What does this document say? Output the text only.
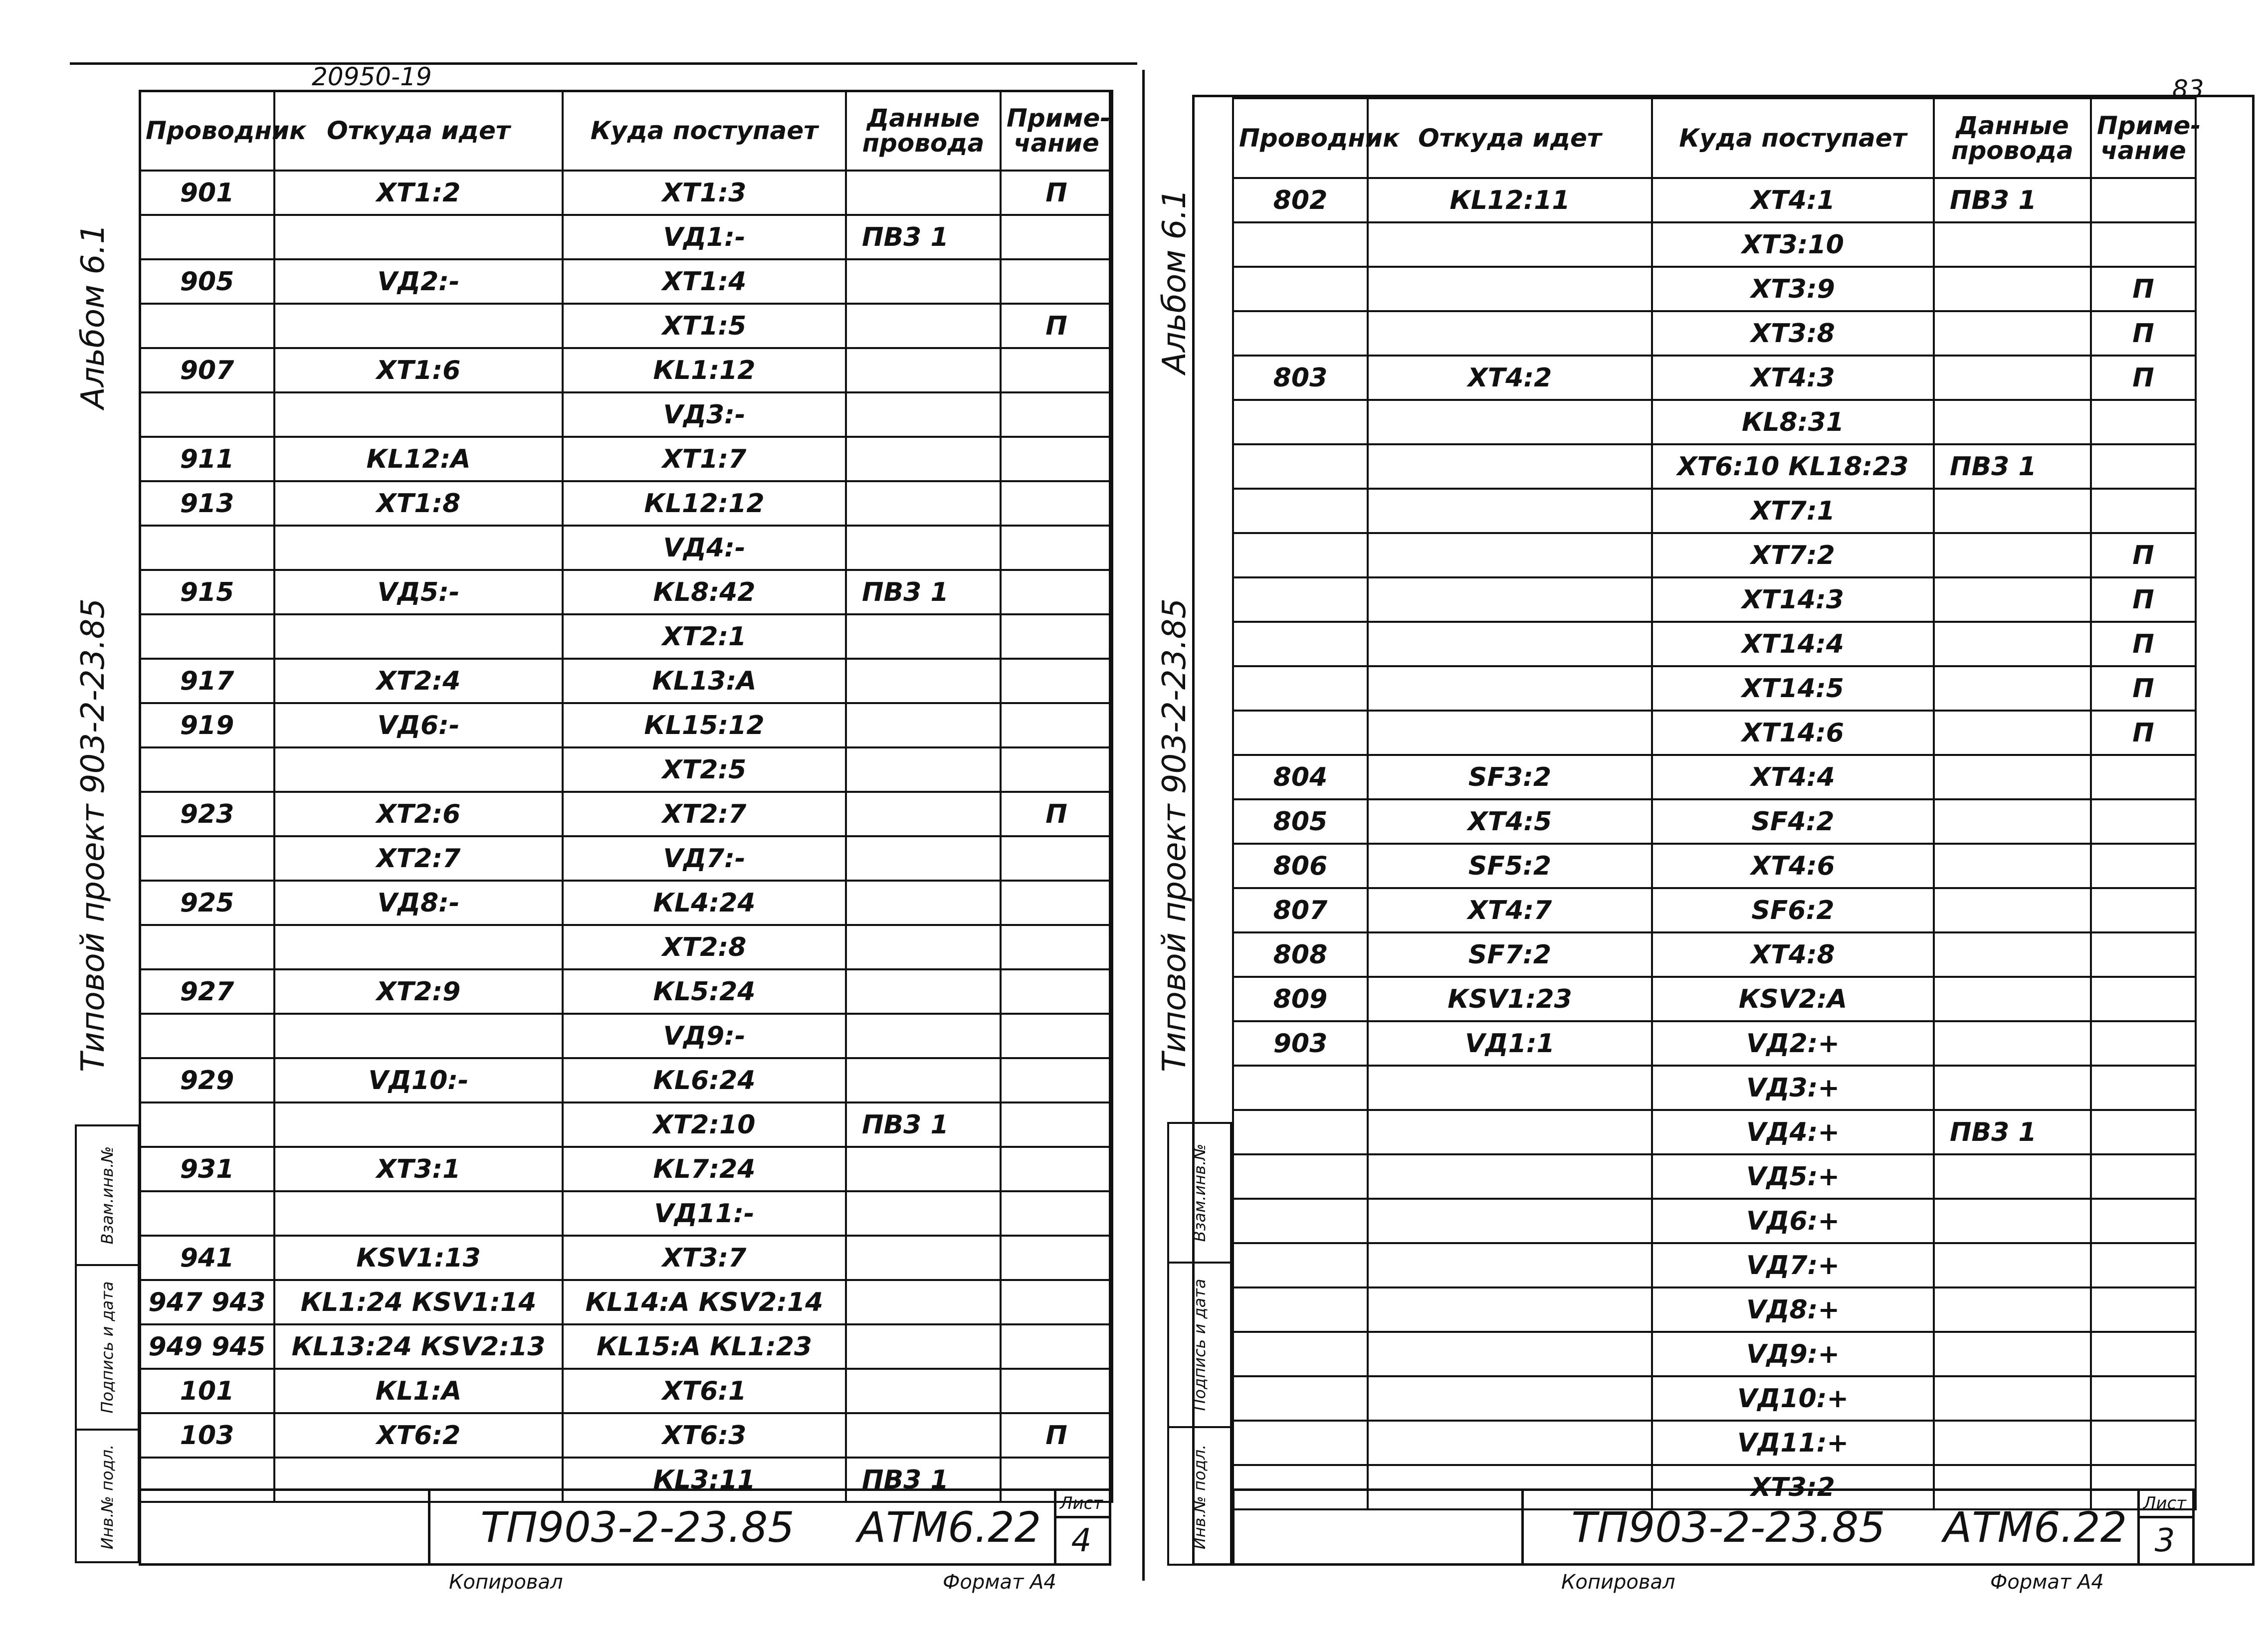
20950-19
Типовой проект 903-2-23.85
Альбом 6.1
Проводник	Откуда идет	Куда поступает	Данные провода	Приме-чание
901	ХТ1:2	ХТ1:3		П
		VД1:-	ПВ3 1	
905	VД2:-	ХТ1:4		
		ХТ1:5		П
907	ХТ1:6	КL1:12		
		VД3:-		
911	КL12:А	ХТ1:7		
913	ХТ1:8	КL12:12		
		VД4:-		
915	VД5:-	КL8:42	ПВ3 1	
		ХТ2:1		
917	ХТ2:4	КL13:А		
919	VД6:-	КL15:12		
		ХТ2:5		
923	ХТ2:6	ХТ2:7		П
	ХТ2:7	VД7:-		
925	VД8:-	КL4:24		
		ХТ2:8		
927	ХТ2:9	КL5:24		
		VД9:-		
929	VД10:-	КL6:24		
		ХТ2:10	ПВ3 1	
931	ХТ3:1	КL7:24		
		VД11:-		
941	КSV1:13	ХТ3:7		
947 943	КL1:24 КSV1:14	КL14:А КSV2:14		
949 945	КL13:24 КSV2:13	КL15:А КL1:23		
101	КL1:А	ХТ6:1		
103	ХТ6:2	ХТ6:3		П
		КL3:11	ПВ3 1	
Взам.инв.№
Подпись и дата
Инв.№ подл.	ТП903-2-23.85	АТМ6.22	Лист
4
Копировал	Формат А4
83
Типовой проект 903-2-23.85
Альбом 6.1
Проводник	Откуда идет	Куда поступает	Данные провода	Приме-чание
802	КL12:11	ХТ4:1	ПВ3 1	
		ХТ3:10		
		ХТ3:9		П
		ХТ3:8		П
803	ХТ4:2	ХТ4:3		П
		КL8:31		
		ХТ6:10 КL18:23	ПВ3 1	
		ХТ7:1		
		ХТ7:2		П
		ХТ14:3		П
		ХТ14:4		П
		ХТ14:5		П
		ХТ14:6		П
804	SF3:2	ХТ4:4		
805	ХТ4:5	SF4:2		
806	SF5:2	ХТ4:6		
807	ХТ4:7	SF6:2		
808	SF7:2	ХТ4:8		
809	КSV1:23	КSV2:А		
903	VД1:1	VД2:+		
		VД3:+		
		VД4:+	ПВ3 1	
		VД5:+		
		VД6:+		
		VД7:+		
		VД8:+		
		VД9:+		
		VД10:+		
		VД11:+		
		ХТ3:2		
Взам.инв.№
Подпись и дата
Инв.№ подл.	ТП903-2-23.85	АТМ6.22 Лист
3
Копировал	Формат А4
